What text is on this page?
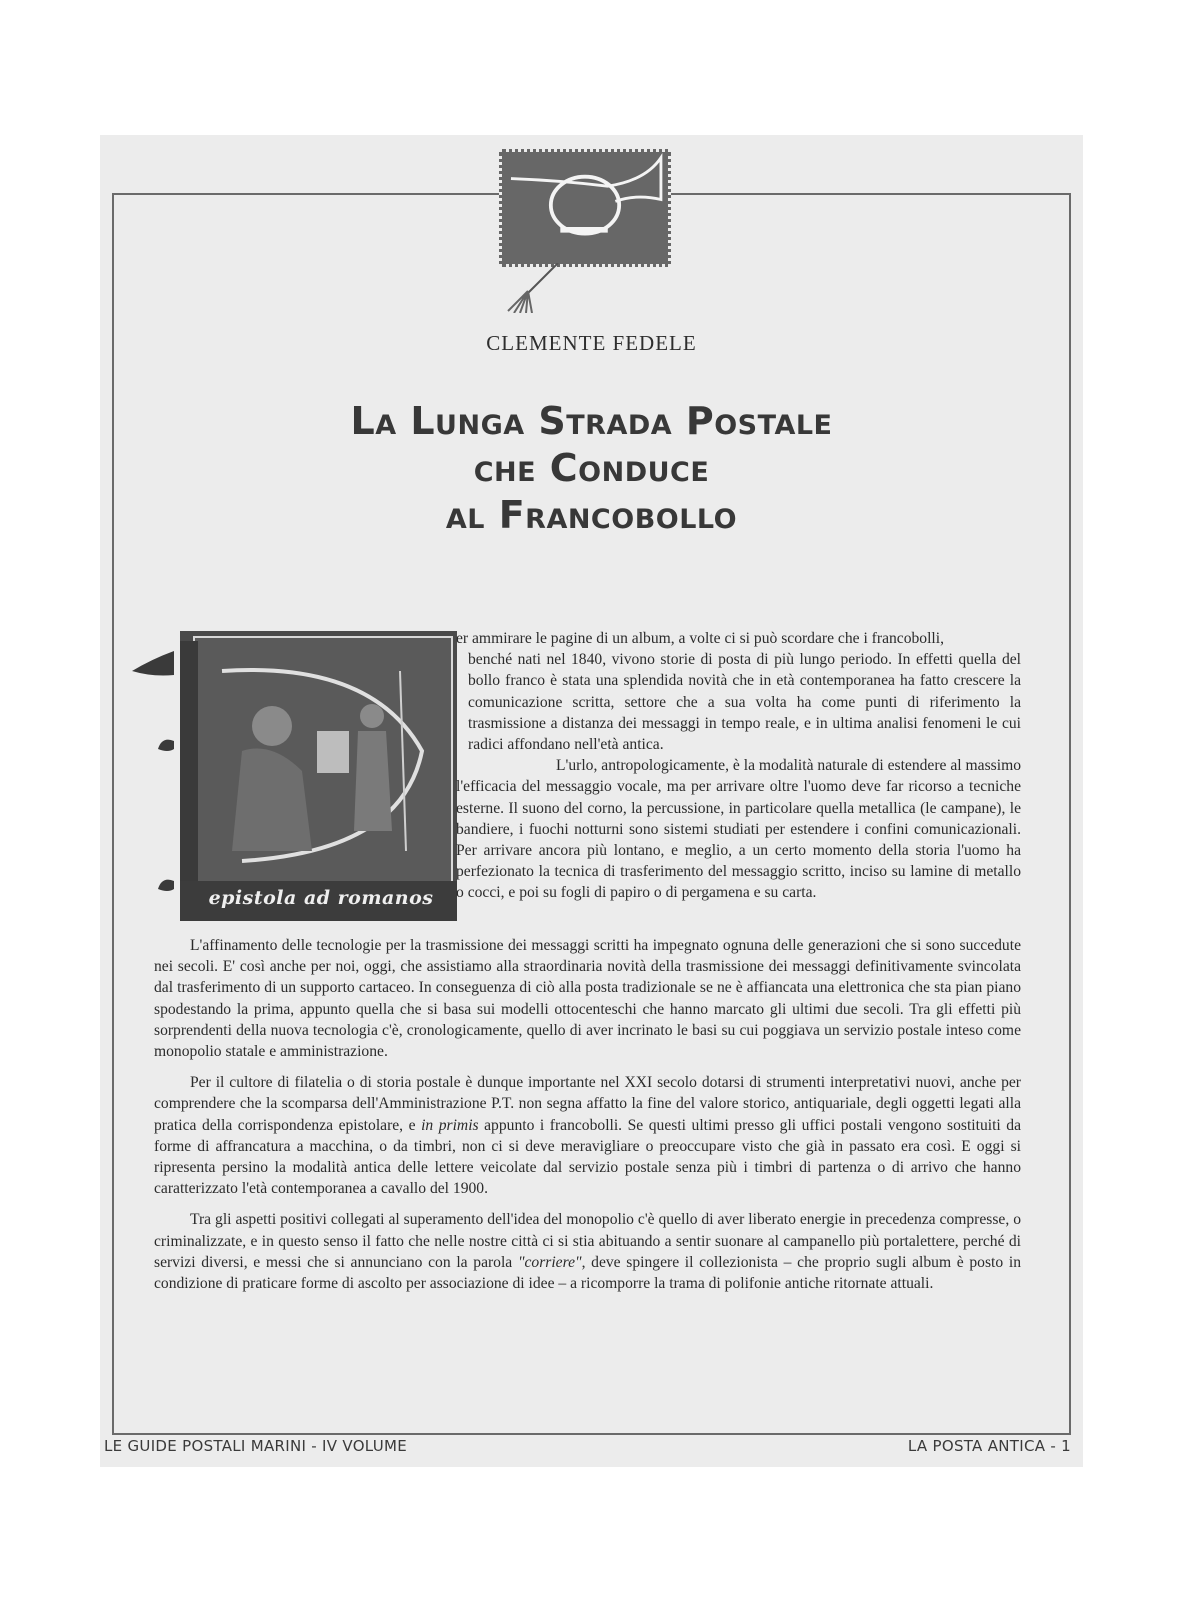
CLEMENTE FEDELE
La Lunga Strada Postale
che Conduce
al Francobollo
epistola ad romanos

er ammirare le pagine di un album, a volte ci si può scordare che i francobolli,
benché nati nel 1840, vivono storie di posta di più lungo periodo. In effetti quella del bollo franco è stata una splendida novità che in età contemporanea ha fatto crescere la comunicazione scritta, settore che a sua volta ha come punti di riferimento la trasmissione a distanza dei messaggi in tempo reale, e in ultima analisi fenomeni le cui radici affondano nell'età antica.

L'urlo, antropologicamente, è la modalità naturale di estendere al massimo l'efficacia del messaggio vocale, ma per arrivare oltre l'uomo deve far ricorso a tecniche esterne. Il suono del corno, la percussione, in particolare quella metallica (le campane), le bandiere, i fuochi notturni sono sistemi studiati per estendere i confini comunicazionali. Per arrivare ancora più lontano, e meglio, a un certo momento della storia l'uomo ha perfezionato la tecnica di trasferimento del messaggio scritto, inciso su lamine di metallo o cocci, e poi su fogli di papiro o di pergamena e su carta.

L'affinamento delle tecnologie per la trasmissione dei messaggi scritti ha impegnato ognuna delle generazioni che si sono succedute nei secoli. E' così anche per noi, oggi, che assistiamo alla straordinaria novità della trasmissione dei messaggi definitivamente svincolata dal trasferimento di un supporto cartaceo. In conseguenza di ciò alla posta tradizionale se ne è affiancata una elettronica che sta pian piano spodestando la prima, appunto quella che si basa sui modelli ottocenteschi che hanno marcato gli ultimi due secoli. Tra gli effetti più sorprendenti della nuova tecnologia c'è, cronologicamente, quello di aver incrinato le basi su cui poggiava un servizio postale inteso come monopolio statale e amministrazione.

Per il cultore di filatelia o di storia postale è dunque importante nel XXI secolo dotarsi di strumenti interpretativi nuovi, anche per comprendere che la scomparsa dell'Amministrazione P.T. non segna affatto la fine del valore storico, antiquariale, degli oggetti legati alla pratica della corrispondenza epistolare, e in primis appunto i francobolli. Se questi ultimi presso gli uffici postali vengono sostituiti da forme di affrancatura a macchina, o da timbri, non ci si deve meravigliare o preoccupare visto che già in passato era così. E oggi si ripresenta persino la modalità antica delle lettere veicolate dal servizio postale senza più i timbri di partenza o di arrivo che hanno caratterizzato l'età contemporanea a cavallo del 1900.

Tra gli aspetti positivi collegati al superamento dell'idea del monopolio c'è quello di aver liberato energie in precedenza compresse, o criminalizzate, e in questo senso il fatto che nelle nostre città ci si stia abituando a sentir suonare al campanello più portalettere, perché di servizi diversi, e messi che si annunciano con la parola "corriere", deve spingere il collezionista – che proprio sugli album è posto in condizione di praticare forme di ascolto per associazione di idee – a ricomporre la trama di polifonie antiche ritornate attuali.

LE GUIDE POSTALI MARINI - IV VOLUME	LA POSTA ANTICA - 1
